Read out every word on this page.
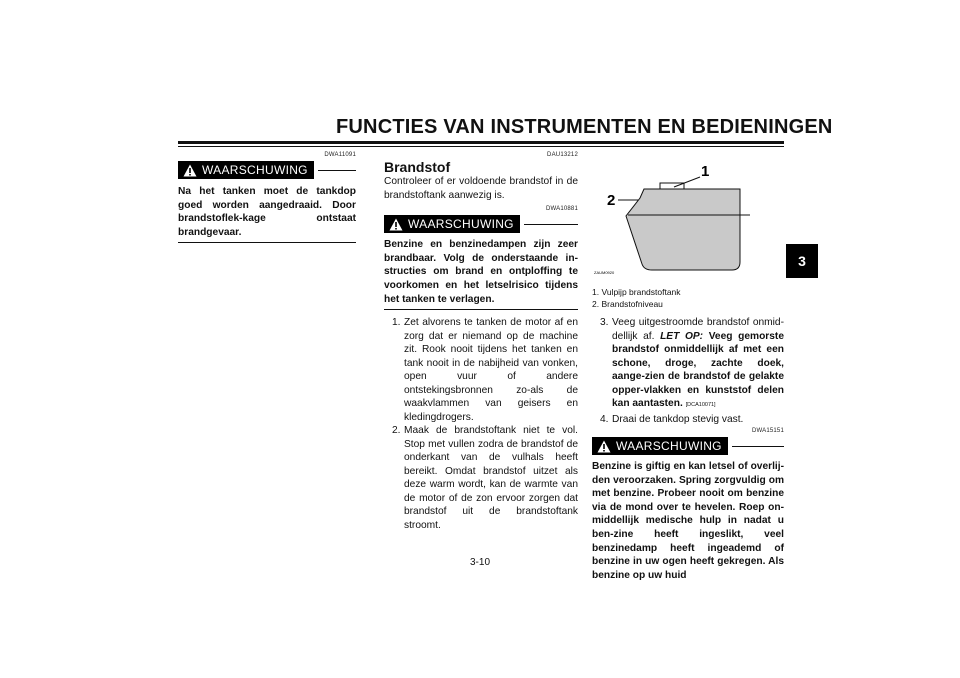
FUNCTIES VAN INSTRUMENTEN EN BEDIENINGEN
3
DWA11091
WAARSCHUWING
Na het tanken moet de tankdop goed worden aangedraaid. Door brandstoflek-kage ontstaat brandgevaar.
DAU13212
Brandstof
Controleer of er voldoende brandstof in de brandstoftank aanwezig is.
DWA10881
WAARSCHUWING
Benzine en benzinedampen zijn zeer brandbaar. Volg de onderstaande in-structies om brand en ontploffing te voorkomen en het letselrisico tijdens het tanken te verlagen.
1. Zet alvorens te tanken de motor af en zorg dat er niemand op de machine zit. Rook nooit tijdens het tanken en tank nooit in de nabijheid van vonken, open vuur of andere ontstekingsbronnen zo-als de waakvlammen van geisers en kledingdrogers.
2. Maak de brandstoftank niet te vol. Stop met vullen zodra de brandstof de onderkant van de vulhals heeft bereikt. Omdat brandstof uitzet als deze warm wordt, kan de warmte van de motor of de zon ervoor zorgen dat brandstof uit de brandstoftank stroomt.
1
2
ZAUM0920
1. Vulpijp brandstoftank
2. Brandstofniveau
3. Veeg uitgestroomde brandstof onmid-dellijk af. LET OP: Veeg gemorste brandstof onmiddellijk af met een schone, droge, zachte doek, aange-zien de brandstof de gelakte opper-vlakken en kunststof delen kan aantasten. [DCA10071]
4. Draai de tankdop stevig vast.
DWA15151
WAARSCHUWING
Benzine is giftig en kan letsel of overlij-den veroorzaken. Spring zorgvuldig om met benzine. Probeer nooit om benzine via de mond over te hevelen. Roep on-middellijk medische hulp in nadat u ben-zine heeft ingeslikt, veel benzinedamp heeft ingeademd of benzine in uw ogen heeft gekregen. Als benzine op uw huid
3-10
